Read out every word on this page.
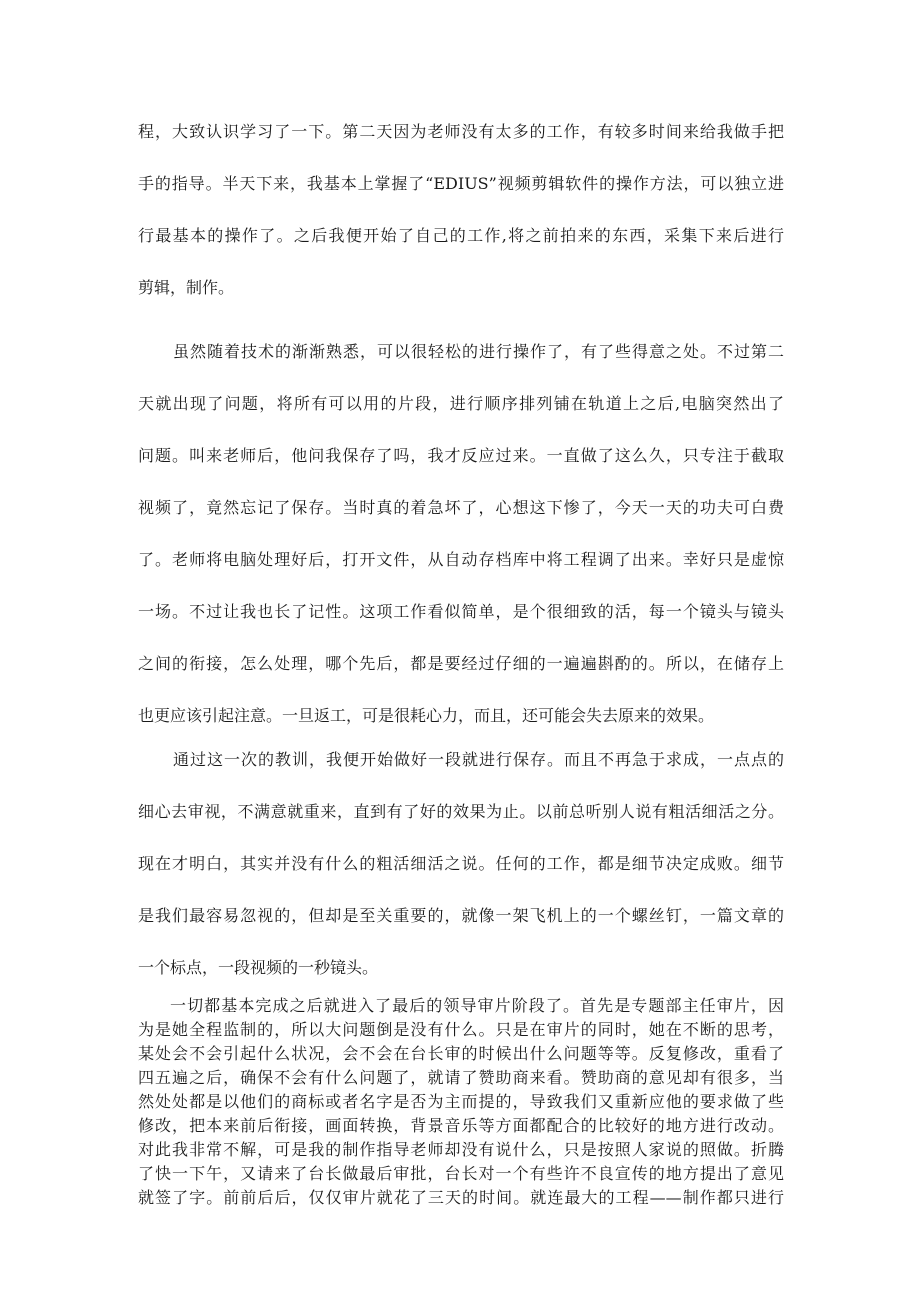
程，大致认识学习了一下。第二天因为老师没有太多的工作，有较多时间来给我做手把
手的指导。半天下来，我基本上掌握了“EDIUS”视频剪辑软件的操作方法，可以独立进
行最基本的操作了。之后我便开始了自己的工作,将之前拍来的东西，采集下来后进行
剪辑，制作。
虽然随着技术的渐渐熟悉，可以很轻松的进行操作了，有了些得意之处。不过第二
天就出现了问题，将所有可以用的片段，进行顺序排列铺在轨道上之后,电脑突然出了
问题。叫来老师后，他问我保存了吗，我才反应过来。一直做了这么久，只专注于截取
视频了，竟然忘记了保存。当时真的着急坏了，心想这下惨了，今天一天的功夫可白费
了。老师将电脑处理好后，打开文件，从自动存档库中将工程调了出来。幸好只是虚惊
一场。不过让我也长了记性。这项工作看似简单，是个很细致的活，每一个镜头与镜头
之间的衔接，怎么处理，哪个先后，都是要经过仔细的一遍遍斟酌的。所以，在储存上
也更应该引起注意。一旦返工，可是很耗心力，而且，还可能会失去原来的效果。
通过这一次的教训，我便开始做好一段就进行保存。而且不再急于求成，一点点的
细心去审视，不满意就重来，直到有了好的效果为止。以前总听别人说有粗活细活之分。
现在才明白，其实并没有什么的粗活细活之说。任何的工作，都是细节决定成败。细节
是我们最容易忽视的，但却是至关重要的，就像一架飞机上的一个螺丝钉，一篇文章的
一个标点，一段视频的一秒镜头。
一切都基本完成之后就进入了最后的领导审片阶段了。首先是专题部主任审片，因
为是她全程监制的，所以大问题倒是没有什么。只是在审片的同时，她在不断的思考，
某处会不会引起什么状况，会不会在台长审的时候出什么问题等等。反复修改，重看了
四五遍之后，确保不会有什么问题了，就请了赞助商来看。赞助商的意见却有很多，当
然处处都是以他们的商标或者名字是否为主而提的，导致我们又重新应他的要求做了些
修改，把本来前后衔接，画面转换，背景音乐等方面都配合的比较好的地方进行改动。
对此我非常不解，可是我的制作指导老师却没有说什么，只是按照人家说的照做。折腾
了快一下午，又请来了台长做最后审批，台长对一个有些许不良宣传的地方提出了意见
就签了字。前前后后，仅仅审片就花了三天的时间。就连最大的工程——制作都只进行
